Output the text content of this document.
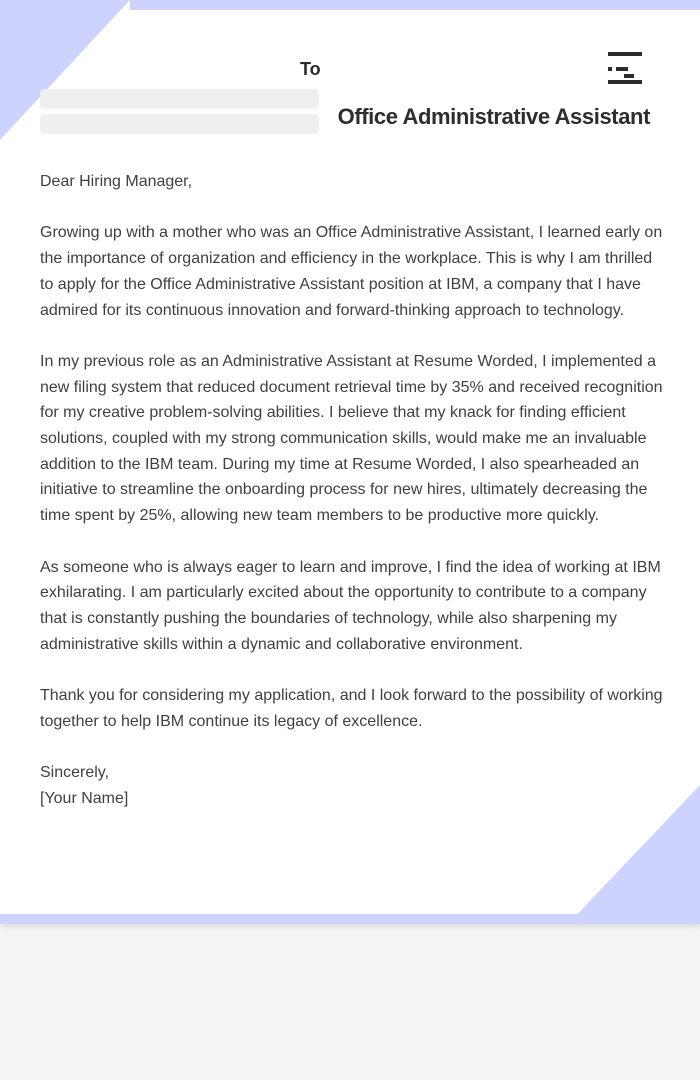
To
Office Administrative Assistant

Dear Hiring Manager,

Growing up with a mother who was an Office Administrative Assistant, I learned early on the importance of organization and efficiency in the workplace. This is why I am thrilled to apply for the Office Administrative Assistant position at IBM, a company that I have admired for its continuous innovation and forward-thinking approach to technology.

In my previous role as an Administrative Assistant at Resume Worded, I implemented a new filing system that reduced document retrieval time by 35% and received recognition for my creative problem-solving abilities. I believe that my knack for finding efficient solutions, coupled with my strong communication skills, would make me an invaluable addition to the IBM team. During my time at Resume Worded, I also spearheaded an initiative to streamline the onboarding process for new hires, ultimately decreasing the time spent by 25%, allowing new team members to be productive more quickly.

As someone who is always eager to learn and improve, I find the idea of working at IBM exhilarating. I am particularly excited about the opportunity to contribute to a company that is constantly pushing the boundaries of technology, while also sharpening my administrative skills within a dynamic and collaborative environment.

Thank you for considering my application, and I look forward to the possibility of working together to help IBM continue its legacy of excellence.

Sincerely,
[Your Name]
